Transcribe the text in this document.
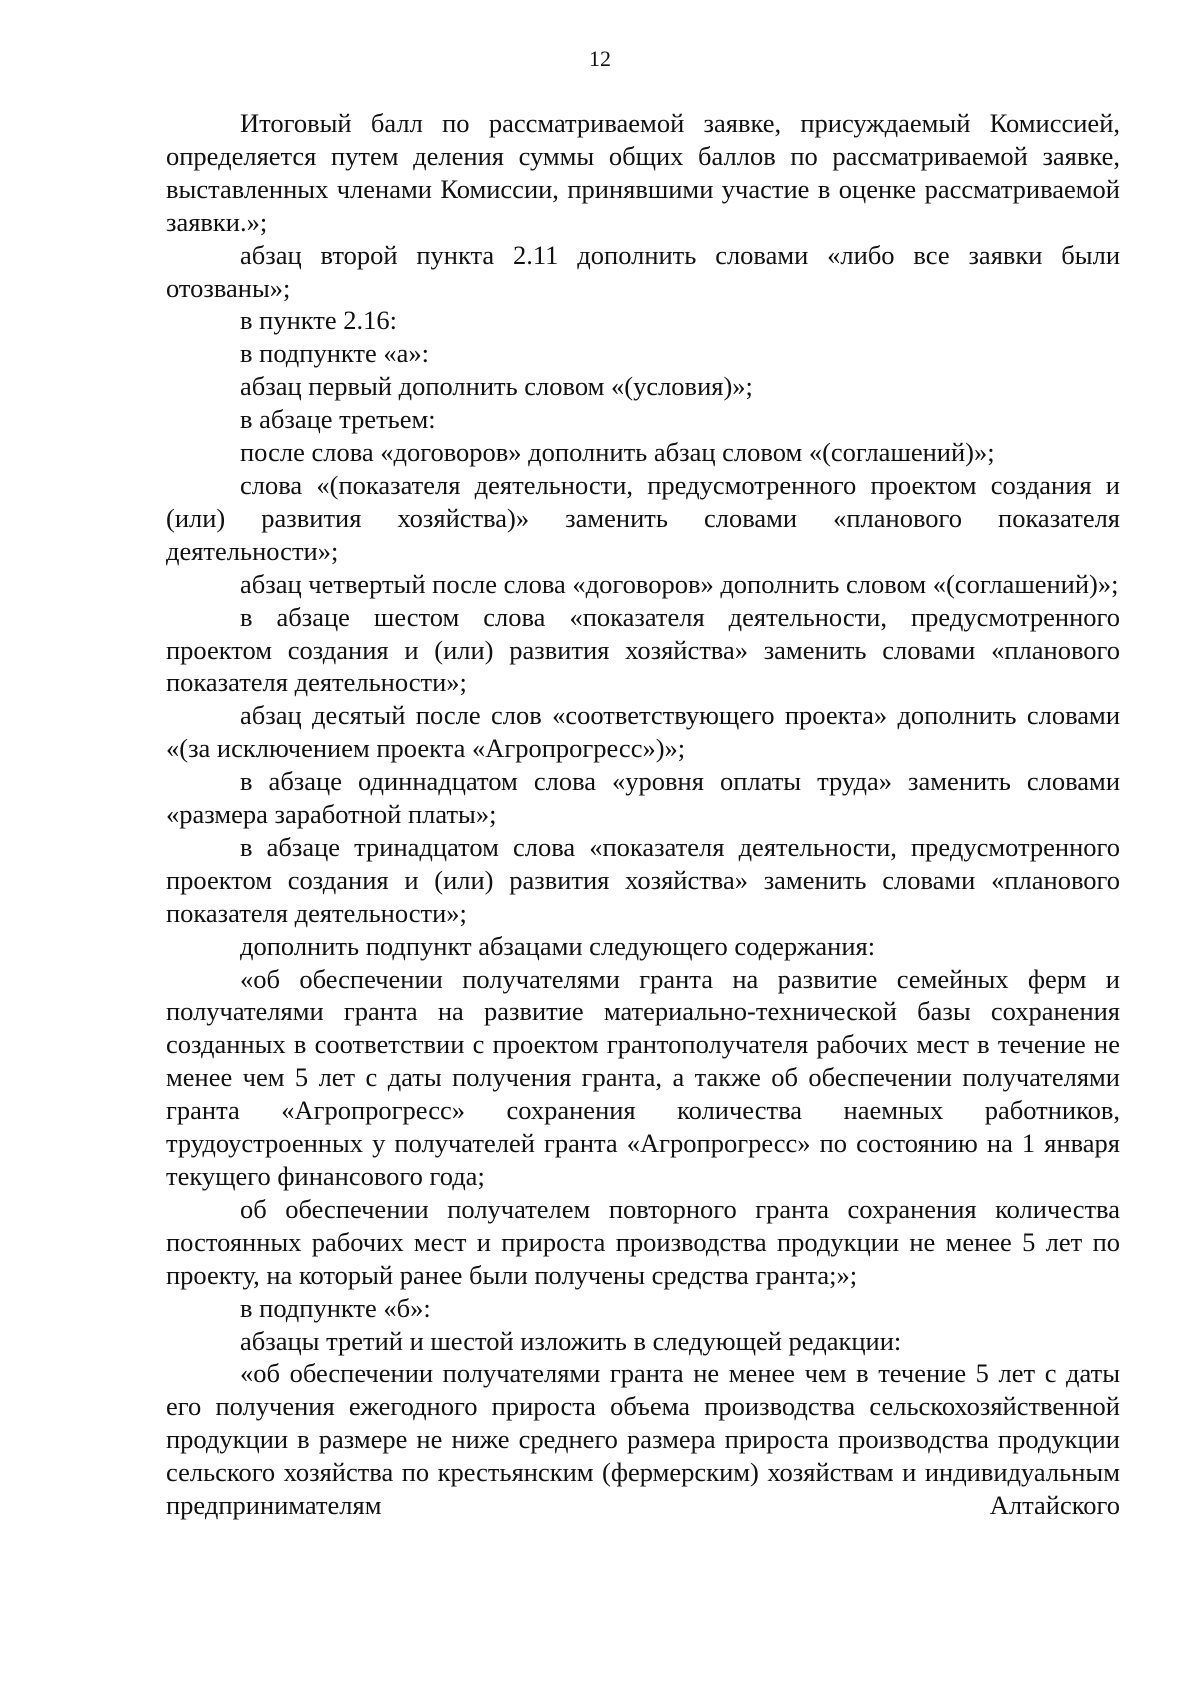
12

Итоговый балл по рассматриваемой заявке, присуждаемый Комиссией, определяется путем деления суммы общих баллов по рассматриваемой заявке, выставленных членами Комиссии, принявшими участие в оценке рассматриваемой заявки.»;

абзац второй пункта 2.11 дополнить словами «либо все заявки были отозваны»;

в пункте 2.16:

в подпункте «а»:

абзац первый дополнить словом «(условия)»;

в абзаце третьем:

после слова «договоров» дополнить абзац словом «(соглашений)»;

слова «(показателя деятельности, предусмотренного проектом создания и (или) развития хозяйства)» заменить словами «планового показателя деятельности»;

абзац четвертый после слова «договоров» дополнить словом «(соглашений)»;

в абзаце шестом слова «показателя деятельности, предусмотренного проектом создания и (или) развития хозяйства» заменить словами «планового показателя деятельности»;

абзац десятый после слов «соответствующего проекта» дополнить словами «(за исключением проекта «Агропрогресс»)»;

в абзаце одиннадцатом слова «уровня оплаты труда» заменить словами «размера заработной платы»;

в абзаце тринадцатом слова «показателя деятельности, предусмотренного проектом создания и (или) развития хозяйства» заменить словами «планового показателя деятельности»;

дополнить подпункт абзацами следующего содержания:

«об обеспечении получателями гранта на развитие семейных ферм и получателями гранта на развитие материально-технической базы сохранения созданных в соответствии с проектом грантополучателя рабочих мест в течение не менее чем 5 лет с даты получения гранта, а также об обеспечении получателями гранта «Агропрогресс» сохранения количества наемных работников, трудоустроенных у получателей гранта «Агропрогресс» по состоянию на 1 января текущего финансового года;

об обеспечении получателем повторного гранта сохранения количества постоянных рабочих мест и прироста производства продукции не менее 5 лет по проекту, на который ранее были получены средства гранта;»;

в подпункте «б»:

абзацы третий и шестой изложить в следующей редакции:

«об обеспечении получателями гранта не менее чем в течение 5 лет с даты его получения ежегодного прироста объема производства сельскохозяйственной продукции в размере не ниже среднего размера прироста производства продукции сельского хозяйства по крестьянским (фермерским) хозяйствам и индивидуальным предпринимателям Алтайского
